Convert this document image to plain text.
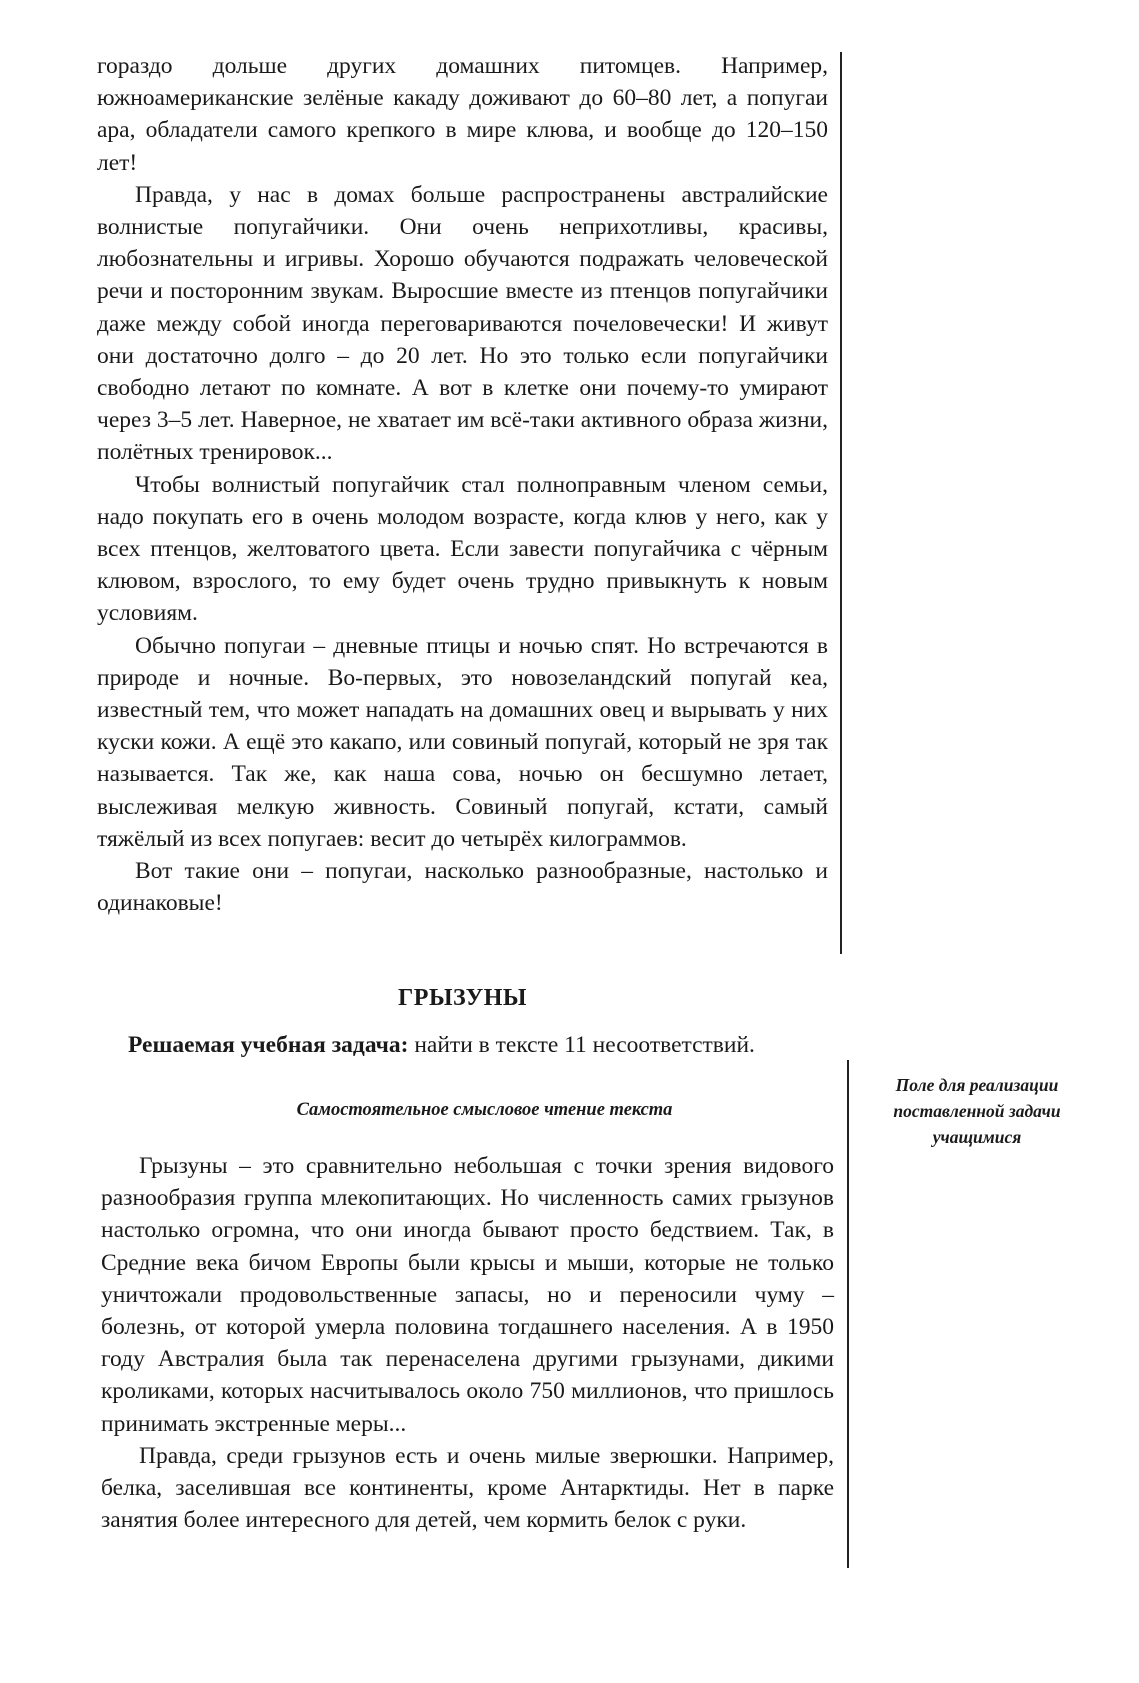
гораздо дольше других домашних питомцев. Например, южноамериканские зелёные какаду доживают до 60–80 лет, а попугаи ара, обладатели самого крепкого в мире клюва, и вообще до 120–150 лет!

Правда, у нас в домах больше распространены австралийские волнистые попугайчики. Они очень неприхотливы, красивы, любознательны и игривы. Хорошо обучаются подражать человеческой речи и посторонним звукам. Выросшие вместе из птенцов попугайчики даже между собой иногда переговариваются почеловечески! И живут они достаточно долго – до 20 лет. Но это только если попугайчики свободно летают по комнате. А вот в клетке они почему-то умирают через 3–5 лет. Наверное, не хватает им всё-таки активного образа жизни, полётных тренировок...

Чтобы волнистый попугайчик стал полноправным членом семьи, надо покупать его в очень молодом возрасте, когда клюв у него, как у всех птенцов, желтоватого цвета. Если завести попугайчика с чёрным клювом, взрослого, то ему будет очень трудно привыкнуть к новым условиям.

Обычно попугаи – дневные птицы и ночью спят. Но встречаются в природе и ночные. Во-первых, это новозеландский попугай кеа, известный тем, что может нападать на домашних овец и вырывать у них куски кожи. А ещё это какапо, или совиный попугай, который не зря так называется. Так же, как наша сова, ночью он бесшумно летает, выслеживая мелкую живность. Совиный попугай, кстати, самый тяжёлый из всех попугаев: весит до четырёх килограммов.

Вот такие они – попугаи, насколько разнообразные, настолько и одинаковые!

ГРЫЗУНЫ
Решаемая учебная задача: найти в тексте 11 несоответствий.
Самостоятельное смысловое чтение текста
Поле для реализации поставленной задачи учащимися

Грызуны – это сравнительно небольшая с точки зрения видового разнообразия группа млекопитающих. Но численность самих грызунов настолько огромна, что они иногда бывают просто бедствием. Так, в Средние века бичом Европы были крысы и мыши, которые не только уничтожали продовольственные запасы, но и переносили чуму – болезнь, от которой умерла половина тогдашнего населения. А в 1950 году Австралия была так перенаселена другими грызунами, дикими кроликами, которых насчитывалось около 750 миллионов, что пришлось принимать экстренные меры...

Правда, среди грызунов есть и очень милые зверюшки. Например, белка, заселившая все континенты, кроме Антарктиды. Нет в парке занятия более интересного для детей, чем кормить белок с руки.
